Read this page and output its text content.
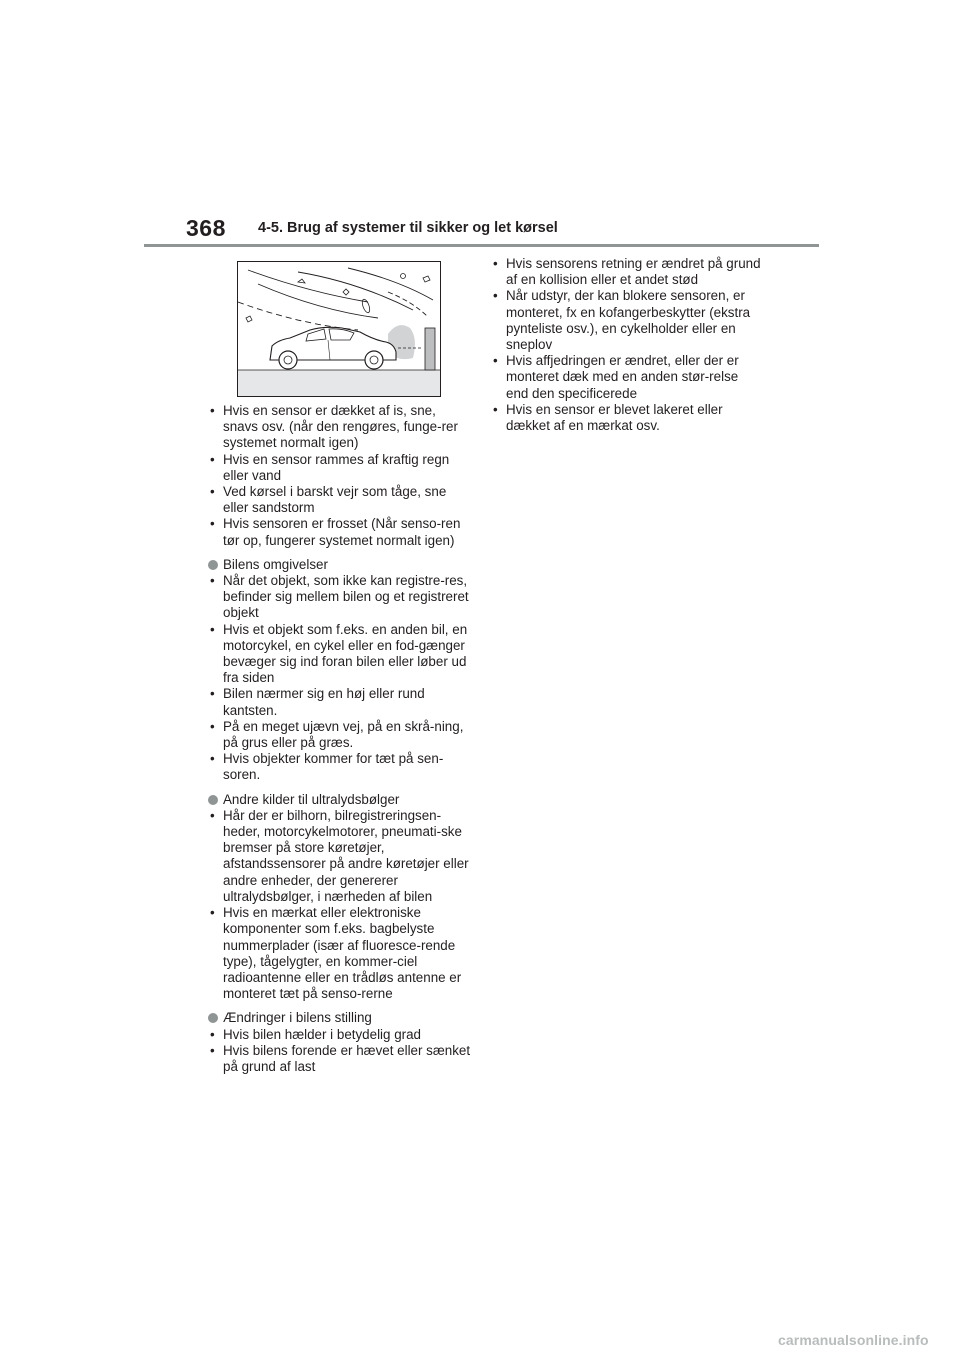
368 4-5. Brug af systemer til sikker og let kørsel
• Hvis en sensor er dækket af is, sne, snavs osv. (når den rengøres, funge-rer systemet normalt igen)
• Hvis en sensor rammes af kraftig regn eller vand
• Ved kørsel i barskt vejr som tåge, sne eller sandstorm
• Hvis sensoren er frosset (Når senso-ren tør op, fungerer systemet normalt igen)
Bilens omgivelser
• Når det objekt, som ikke kan registre-res, befinder sig mellem bilen og et registreret objekt
• Hvis et objekt som f.eks. en anden bil, en motorcykel, en cykel eller en fod-gænger bevæger sig ind foran bilen eller løber ud fra siden
• Bilen nærmer sig en høj eller rund kantsten.
• På en meget ujævn vej, på en skrå-ning, på grus eller på græs.
• Hvis objekter kommer for tæt på sen-soren.
Andre kilder til ultralydsbølger
• Hår der er bilhorn, bilregistreringsen-heder, motorcykelmotorer, pneumati-ske bremser på store køretøjer, afstandssensorer på andre køretøjer eller andre enheder, der genererer ultralydsbølger, i nærheden af bilen
• Hvis en mærkat eller elektroniske komponenter som f.eks. bagbelyste nummerplader (især af fluoresce-rende type), tågelygter, en kommer-ciel radioantenne eller en trådløs antenne er monteret tæt på senso-rerne
Ændringer i bilens stilling
• Hvis bilen hælder i betydelig grad
• Hvis bilens forende er hævet eller sænket på grund af last
• Hvis sensorens retning er ændret på grund af en kollision eller et andet stød
• Når udstyr, der kan blokere sensoren, er monteret, fx en kofangerbeskytter (ekstra pynteliste osv.), en cykelholder eller en sneplov
• Hvis affjedringen er ændret, eller der er monteret dæk med en anden stør-relse end den specificerede
• Hvis en sensor er blevet lakeret eller dækket af en mærkat osv.
carmanualsonline.info
